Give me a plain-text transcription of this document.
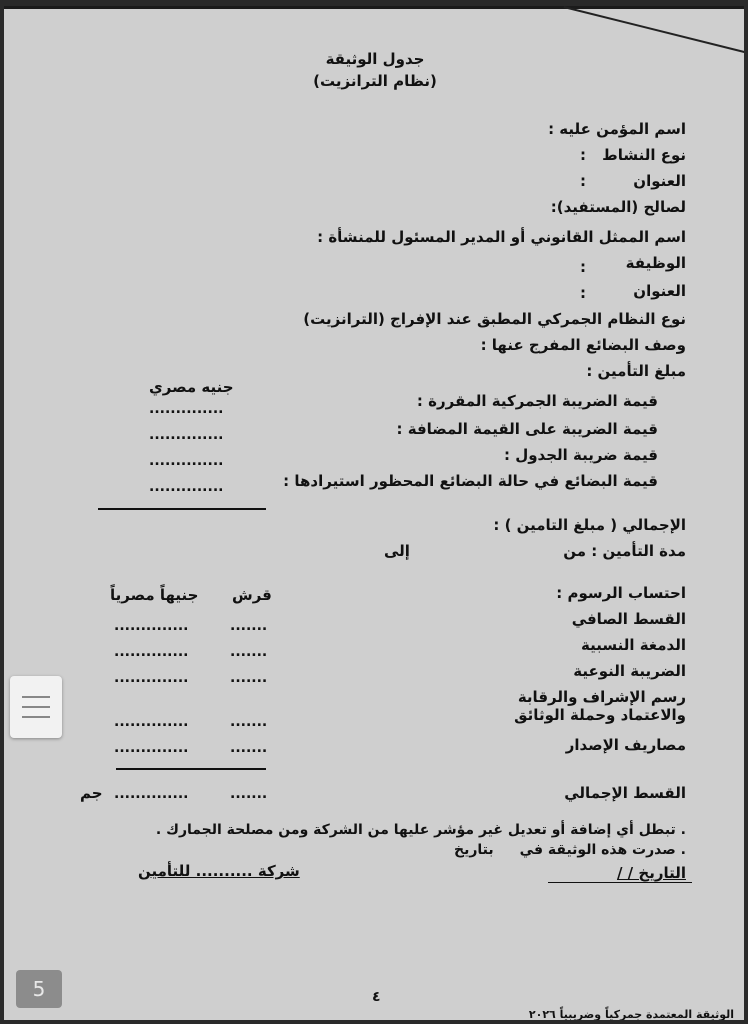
جدول الوثيقة
(نظام الترانزيت)
اسم المؤمن عليه :
نوع النشاط
:
العنوان
:
لصالح (المستفيد):
اسم الممثل القانوني أو المدير المسئول للمنشأة :
الوظيفة
:
العنوان
:
نوع النظام الجمركي المطبق عند الإفراج (الترانزيت)
وصف البضائع المفرج عنها :
مبلغ التأمين :
جنيه مصري
قيمة الضريبة الجمركية المقررة :
قيمة الضريبة على القيمة المضافة :
قيمة ضريبة الجدول :
قيمة البضائع في حالة البضائع المحظور استيرادها :
..............
..............
..............
..............
الإجمالي ( مبلغ التامين ) :
مدة التأمين : من
إلى
احتساب الرسوم :
قرش
جنيهاً مصرياً
القسط الصافي
الدمغة النسبية
الضريبة النوعية
رسم الإشراف والرقابة
والاعتماد وحملة الوثائق
مصاريف الإصدار
.......
..............
.......
..............
.......
..............
.......
..............
.......
..............
القسط الإجمالي
.......
..............
جم
. تبطل أي إضافة أو تعديل غير مؤشر عليها من الشركة ومن مصلحة الجمارك .
. صدرت هذه الوثيقة في
بتاريخ
التاريخ / /
شركة .......... للتأمين
٤
الوثيقة المعتمدة جمركياً وضريبياً ٢٠٢٦
5
